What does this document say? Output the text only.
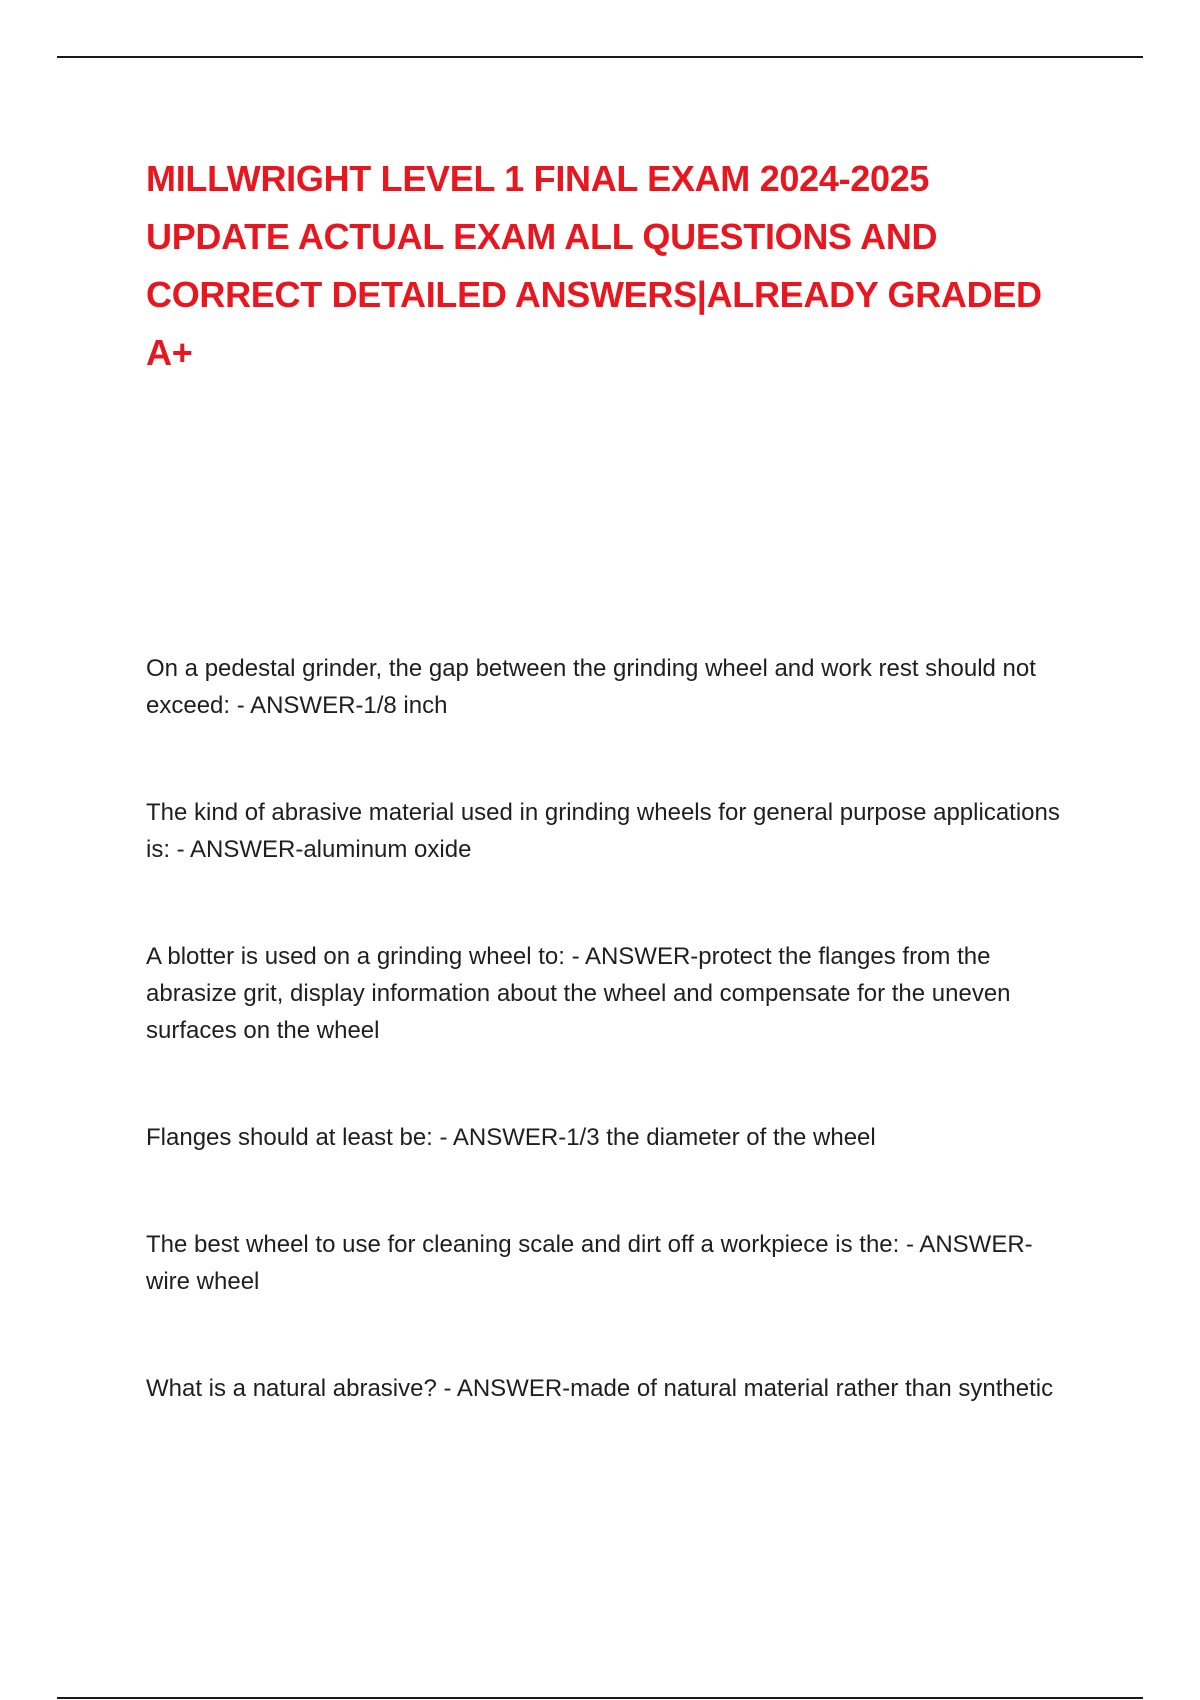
MILLWRIGHT LEVEL 1 FINAL EXAM 2024-2025 UPDATE ACTUAL EXAM ALL QUESTIONS AND CORRECT DETAILED ANSWERS|ALREADY GRADED A+

On a pedestal grinder, the gap between the grinding wheel and work rest should not exceed: - ANSWER-1/8 inch

The kind of abrasive material used in grinding wheels for general purpose applications is: - ANSWER-aluminum oxide

A blotter is used on a grinding wheel to: - ANSWER-protect the flanges from the abrasize grit, display information about the wheel and compensate for the uneven surfaces on the wheel

Flanges should at least be: - ANSWER-1/3 the diameter of the wheel

The best wheel to use for cleaning scale and dirt off a workpiece is the: - ANSWER-wire wheel

What is a natural abrasive? - ANSWER-made of natural material rather than synthetic
